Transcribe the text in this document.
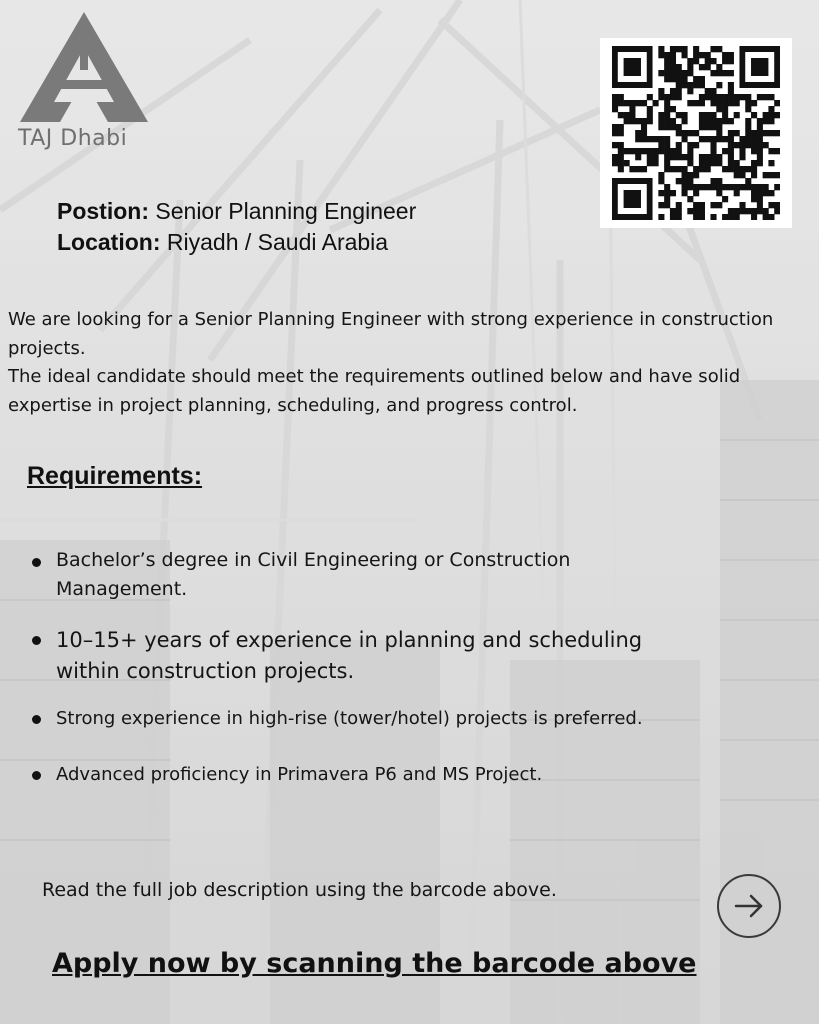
TAJ Dhabi
Postion: Senior Planning Engineer
Location: Riyadh / Saudi Arabia

We are looking for a Senior Planning Engineer with strong experience in construction projects.

The ideal candidate should meet the requirements outlined below and have solid expertise in project planning, scheduling, and progress control.

Requirements:
Bachelor’s degree in Civil Engineering or Construction Management.
10–15+ years of experience in planning and scheduling within construction projects.
Strong experience in high-rise (tower/hotel) projects is preferred.
Advanced proficiency in Primavera P6 and MS Project.
Read the full job description using the barcode above.
Apply now by scanning the barcode above
